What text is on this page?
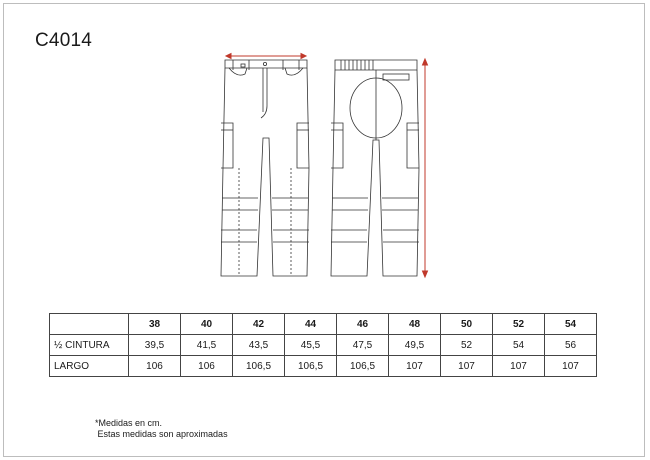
C4014
	38	40	42	44	46	48	50	52	54
½ CINTURA	39,5	41,5	43,5	45,5	47,5	49,5	52	54	56
LARGO	106	106	106,5	106,5	106,5	107	107	107	107
*Medidas en cm.
Estas medidas son aproximadas
